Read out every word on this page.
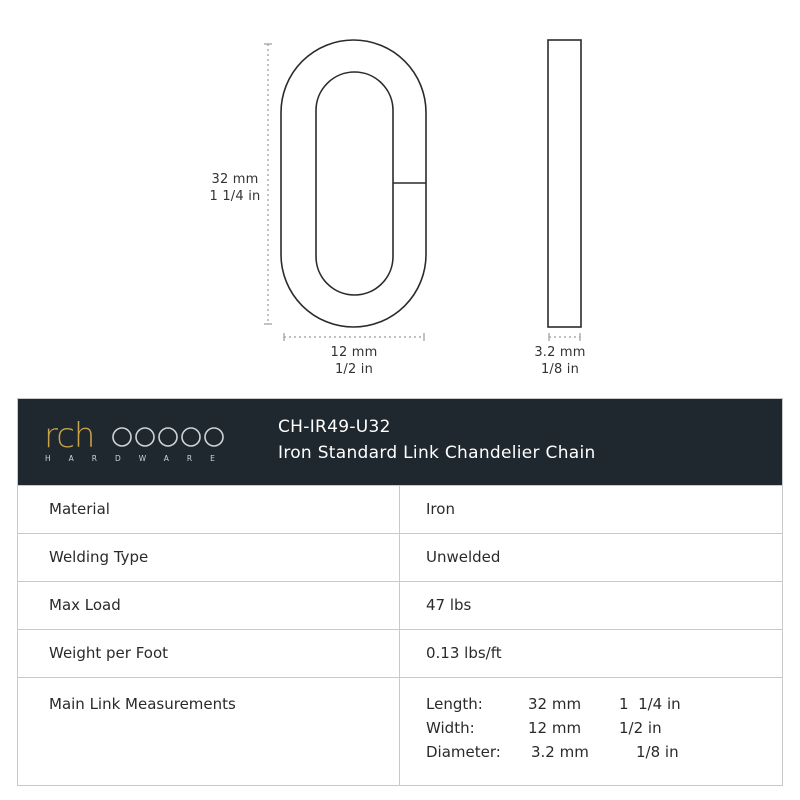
32 mm
1 1/4 in
12 mm
1/2 in
3.2 mm
1/8 in
rch
HARDWARE
CH-IR49-U32
Iron Standard Link Chandelier Chain
Material	Iron
Welding Type	Unwelded
Max Load	47 lbs
Weight per Foot	0.13 lbs/ft
Main Link Measurements	Length:	32 mm	1  1/4 in
Width:	12 mm	1/2 in
Diameter: 3.2 mm	1/8 in
